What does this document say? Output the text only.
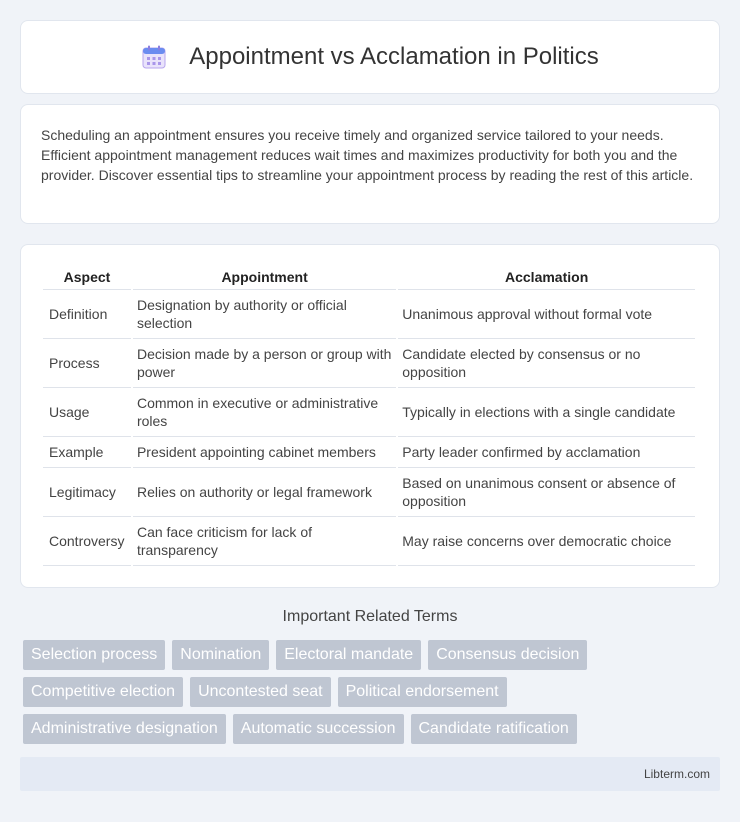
Appointment vs Acclamation in Politics

Scheduling an appointment ensures you receive timely and organized service tailored to your needs. Efficient appointment management reduces wait times and maximizes productivity for both you and the provider. Discover essential tips to streamline your appointment process by reading the rest of this article.

Aspect	Appointment	Acclamation
Definition	Designation by authority or official selection	Unanimous approval without formal vote
Process	Decision made by a person or group with power	Candidate elected by consensus or no opposition
Usage	Common in executive or administrative roles	Typically in elections with a single candidate
Example	President appointing cabinet members	Party leader confirmed by acclamation
Legitimacy	Relies on authority or legal framework	Based on unanimous consent or absence of opposition
Controversy	Can face criticism for lack of transparency	May raise concerns over democratic choice
Important Related Terms
Selection process	Nomination	Electoral mandate	Consensus decision
Competitive election	Uncontested seat	Political endorsement
Administrative designation	Automatic succession	Candidate ratification
Libterm.com
